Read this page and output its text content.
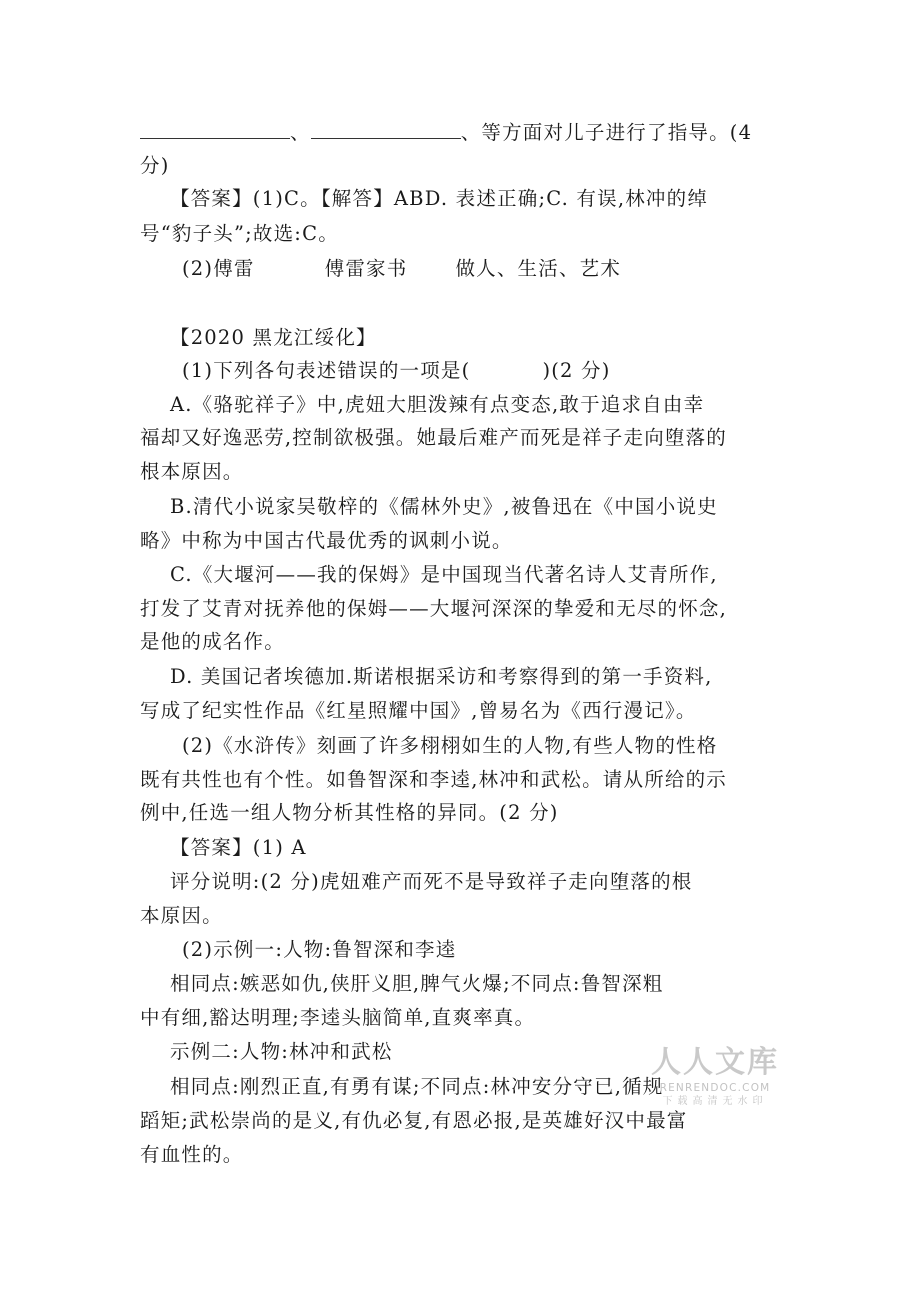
、	、等方面对儿子进行了指导。(4
分)
【答案】(1)C。【解答】ABD. 表述正确;C. 有误,林冲的绰
号“豹子头”;故选:C。
(2)傅雷	傅雷家书 做人、生活、艺术
【2020 黑龙江绥化】
(1)下列各句表述错误的一项是(	)(2 分)
A.《骆驼祥子》中,虎妞大胆泼辣有点变态,敢于追求自由幸
福却又好逸恶劳,控制欲极强。她最后难产而死是祥子走向堕落的
根本原因。
B.清代小说家吴敬梓的《儒林外史》,被鲁迅在《中国小说史
略》中称为中国古代最优秀的讽刺小说。
C.《大堰河——我的保姆》是中国现当代著名诗人艾青所作,
打发了艾青对抚养他的保姆——大堰河深深的挚爱和无尽的怀念,
是他的成名作。
D. 美国记者埃德加.斯诺根据采访和考察得到的第一手资料,
写成了纪实性作品《红星照耀中国》,曾易名为《西行漫记》。
(2)《水浒传》刻画了许多栩栩如生的人物,有些人物的性格
既有共性也有个性。如鲁智深和李逵,林冲和武松。请从所给的示
例中,任选一组人物分析其性格的异同。(2 分)
【答案】(1) A
评分说明:(2 分)虎妞难产而死不是导致祥子走向堕落的根
本原因。
(2)示例一:人物:鲁智深和李逵
相同点:嫉恶如仇,侠肝义胆,脾气火爆;不同点:鲁智深粗
中有细,豁达明理;李逵头脑简单,直爽率真。
示例二:人物:林冲和武松
相同点:刚烈正直,有勇有谋;不同点:林冲安分守已,循规
蹈矩;武松崇尚的是义,有仇必复,有恩必报,是英雄好汉中最富
有血性的。
人人文库
RENRENDOC.COM
下载高清无水印
